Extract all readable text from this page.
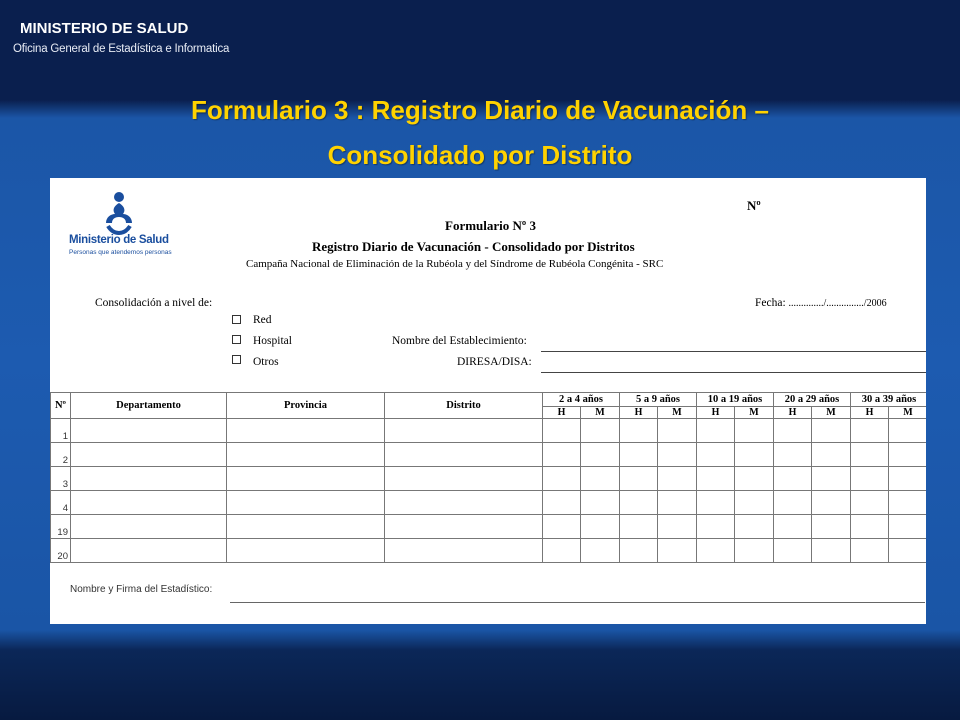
MINISTERIO DE SALUD
Oficina General de Estadística e Informatica
Formulario 3 : Registro Diario de Vacunación –
Consolidado por Distrito
Ministerio de Salud
Personas que atendemos personas
Nº
Formulario Nº 3
Registro Diario de Vacunación - Consolidado por Distritos
Campaña Nacional de Eliminación de la Rubéola y del Síndrome de Rubéola Congénita - SRC
Consolidación a nivel de:	Fecha: ............../.............../2006
Red
Hospital
Otros
Nombre del Establecimiento:
DIRESA/DISA:
Nº	Departamento	Provincia	Distrito	2 a 4 años		5 a 9 años		10 a 19 años		20 a 29 años		30 a 39 años	
				H	M	H	M	H	M	H	M	H	M
1													
2													
3													
4													
19													
20													
Nombre y Firma del Estadístico:
